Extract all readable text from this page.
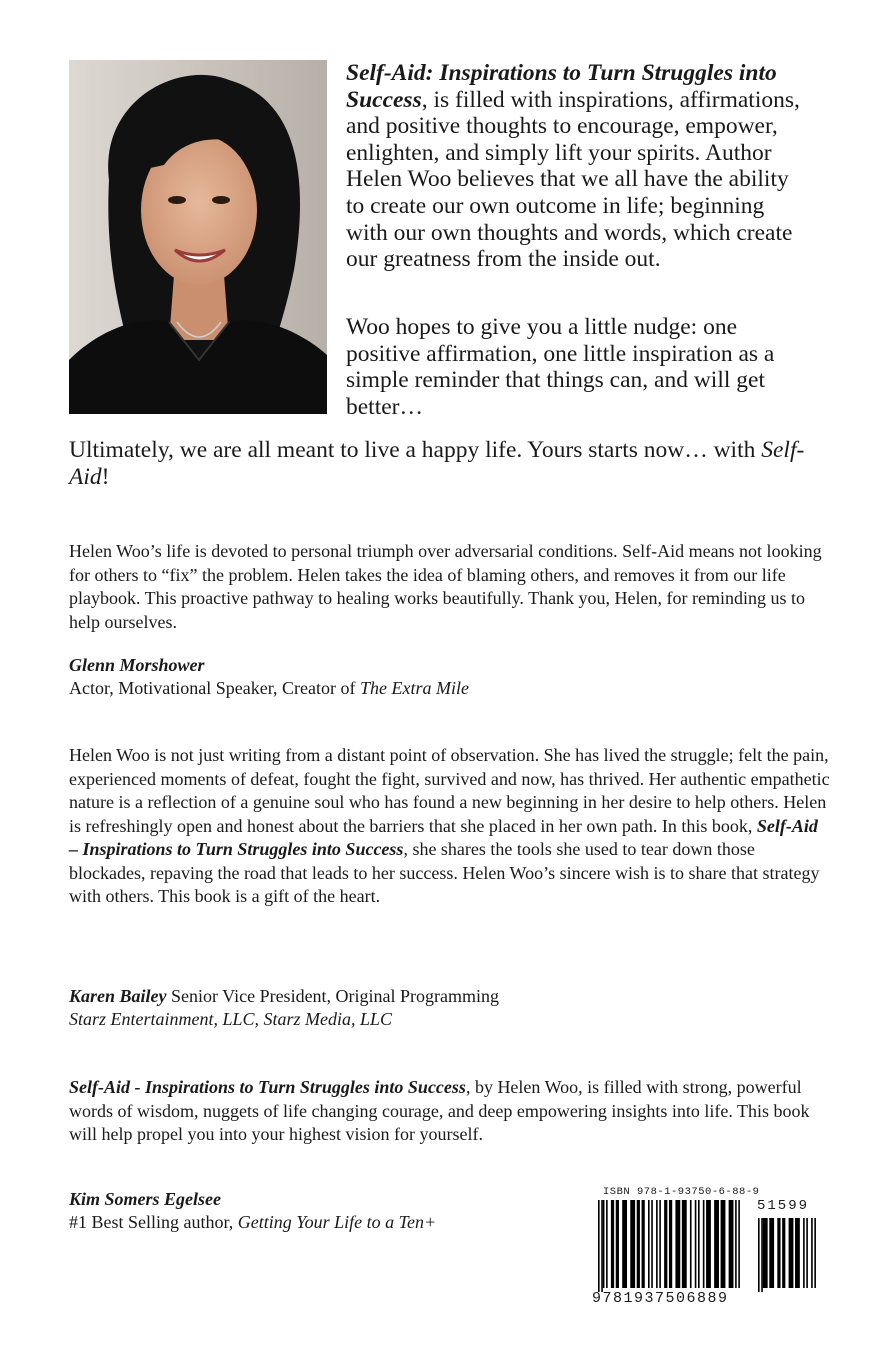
Self-Aid: Inspirations to Turn Struggles into Success, is filled with inspirations, affirmations, and positive thoughts to encourage, empower, enlighten, and simply lift your spirits. Author Helen Woo believes that we all have the ability to create our own outcome in life; beginning with our own thoughts and words, which create our greatness from the inside out.

Woo hopes to give you a little nudge: one positive affirmation, one little inspiration as a simple reminder that things can, and will get better…

Ultimately, we are all meant to live a happy life. Yours starts now… with Self-Aid!

Helen Woo’s life is devoted to personal triumph over adversarial conditions. Self-Aid means not looking for others to “fix” the problem. Helen takes the idea of blaming others, and removes it from our life playbook. This proactive pathway to healing works beautifully. Thank you, Helen, for reminding us to help ourselves.

Glenn Morshower
Actor, Motivational Speaker, Creator of The Extra Mile

Helen Woo is not just writing from a distant point of observation. She has lived the struggle; felt the pain, experienced moments of defeat, fought the fight, survived and now, has thrived. Her authentic empathetic nature is a reflection of a genuine soul who has found a new beginning in her desire to help others. Helen is refreshingly open and honest about the barriers that she placed in her own path. In this book, Self-Aid – Inspirations to Turn Struggles into Success, she shares the tools she used to tear down those blockades, repaving the road that leads to her success. Helen Woo’s sincere wish is to share that strategy with others. This book is a gift of the heart.

Karen Bailey Senior Vice President, Original Programming
Starz Entertainment, LLC, Starz Media, LLC

Self-Aid - Inspirations to Turn Struggles into Success, by Helen Woo, is filled with strong, powerful words of wisdom, nuggets of life changing courage, and deep empowering insights into life. This book will help propel you into your highest vision for yourself.

Kim Somers Egelsee
#1 Best Selling author, Getting Your Life to a Ten+
ISBN 978-1-93750-6-88-9
51599
9781937506889
